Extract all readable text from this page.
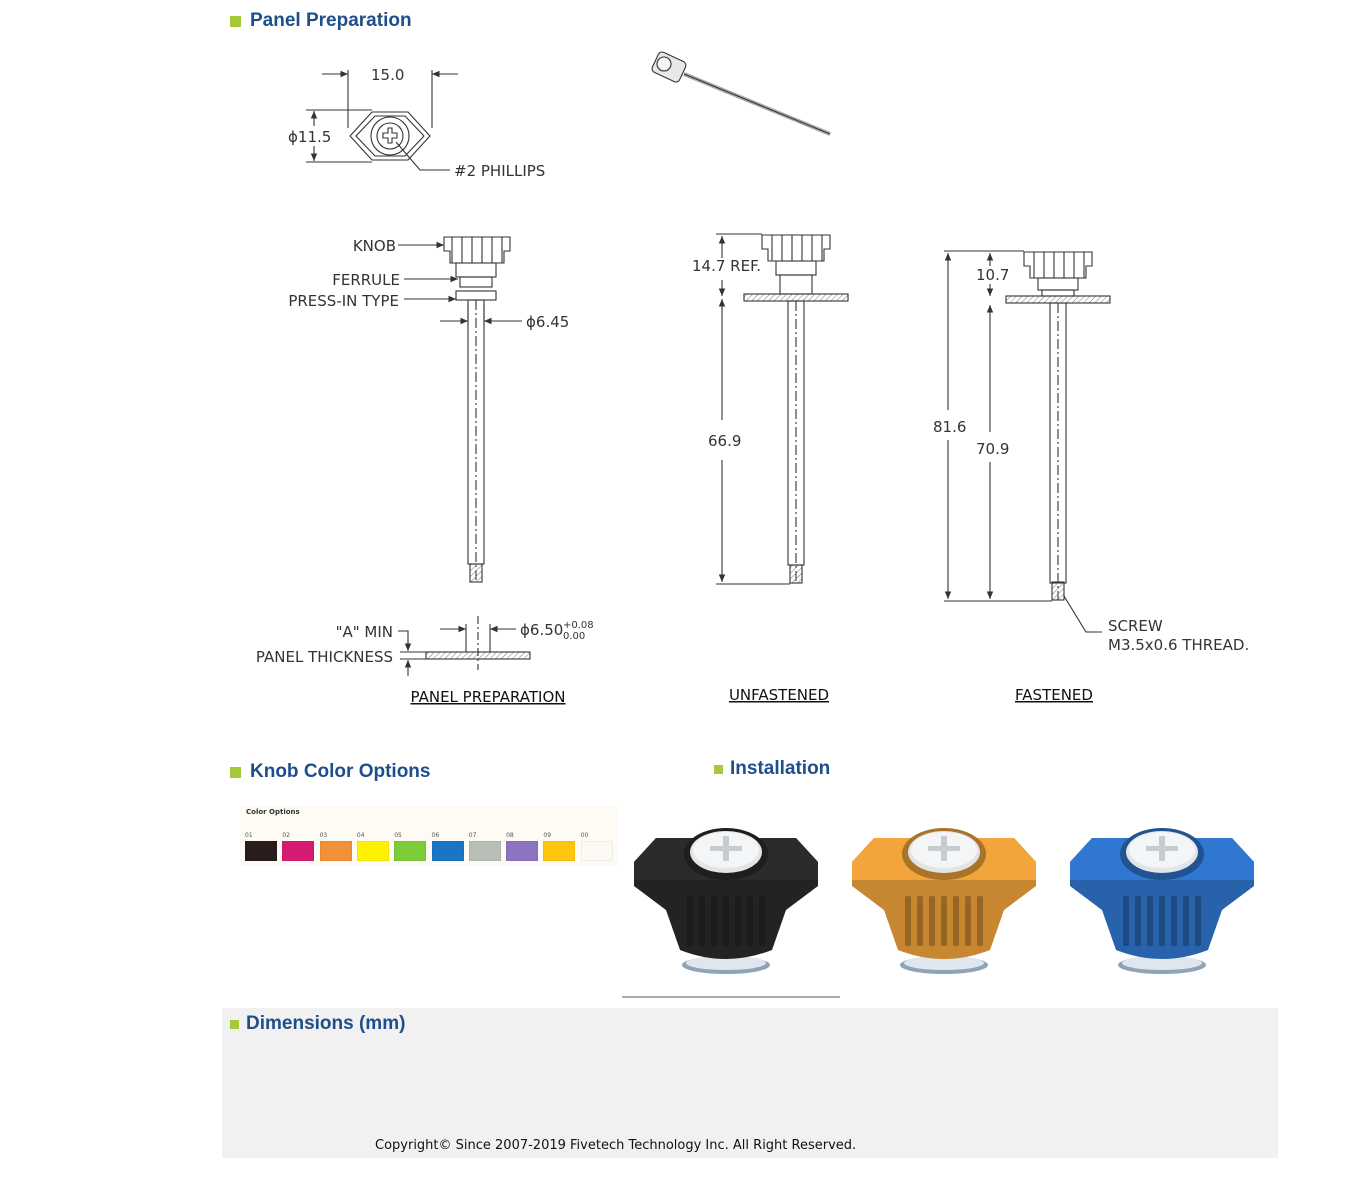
Panel Preparation
15.0
ϕ11.5
#2 PHILLIPS
KNOB
FERRULE
PRESS-IN TYPE
ϕ6.45
14.7 REF.
66.9
10.7
81.6
70.9
SCREW
M3.5x0.6 THREAD.
"A" MIN
PANEL THICKNESS
ϕ6.50 +0.08
0.00
PANEL PREPARATION	UNFASTENED	FASTENED
Knob Color Options	Installation
Color Options
01	02	03	04	05	06	07	08	09	00
Dimensions (mm)
Copyright© Since 2007-2019 Fivetech Technology Inc. All Right Reserved.
